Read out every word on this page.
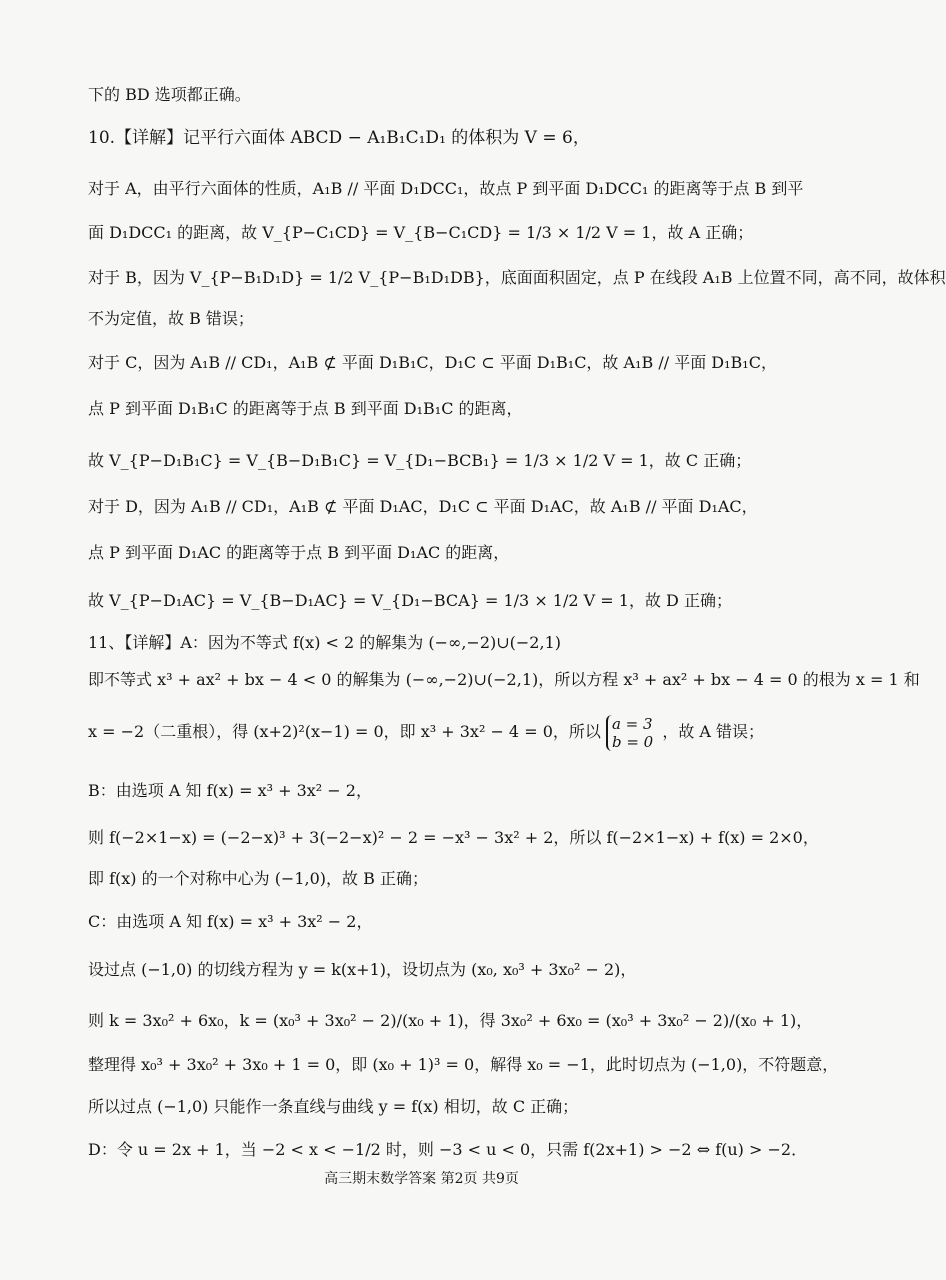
下的 BD 选项都正确。
10.【详解】记平行六面体 ABCD − A₁B₁C₁D₁ 的体积为 V = 6，
对于 A，由平行六面体的性质，A₁B // 平面 D₁DCC₁，故点 P 到平面 D₁DCC₁ 的距离等于点 B 到平
面 D₁DCC₁ 的距离，故 V_{P−C₁CD} = V_{B−C₁CD} = 1/3 × 1/2 V = 1，故 A 正确；
对于 B，因为 V_{P−B₁D₁D} = 1/2 V_{P−B₁D₁DB}，底面面积固定，点 P 在线段 A₁B 上位置不同，高不同，故体积
不为定值，故 B 错误；
对于 C，因为 A₁B // CD₁，A₁B ⊄ 平面 D₁B₁C，D₁C ⊂ 平面 D₁B₁C，故 A₁B // 平面 D₁B₁C，
点 P 到平面 D₁B₁C 的距离等于点 B 到平面 D₁B₁C 的距离，
故 V_{P−D₁B₁C} = V_{B−D₁B₁C} = V_{D₁−BCB₁} = 1/3 × 1/2 V = 1，故 C 正确；
对于 D，因为 A₁B // CD₁，A₁B ⊄ 平面 D₁AC，D₁C ⊂ 平面 D₁AC，故 A₁B // 平面 D₁AC，
点 P 到平面 D₁AC 的距离等于点 B 到平面 D₁AC 的距离，
故 V_{P−D₁AC} = V_{B−D₁AC} = V_{D₁−BCA} = 1/3 × 1/2 V = 1，故 D 正确；
11、【详解】A：因为不等式 f(x) < 2 的解集为 (−∞,−2)∪(−2,1)
即不等式 x³ + ax² + bx − 4 < 0 的解集为 (−∞,−2)∪(−2,1)，所以方程 x³ + ax² + bx − 4 = 0 的根为 x = 1 和
x = −2（二重根），得 (x+2)²(x−1) = 0，即 x³ + 3x² − 4 = 0，所以 a = 3
b = 0 ，故 A 错误；
B：由选项 A 知 f(x) = x³ + 3x² − 2，
则 f(−2×1−x) = (−2−x)³ + 3(−2−x)² − 2 = −x³ − 3x² + 2，所以 f(−2×1−x) + f(x) = 2×0，
即 f(x) 的一个对称中心为 (−1,0)，故 B 正确；
C：由选项 A 知 f(x) = x³ + 3x² − 2，
设过点 (−1,0) 的切线方程为 y = k(x+1)，设切点为 (x₀, x₀³ + 3x₀² − 2)，
则 k = 3x₀² + 6x₀，k = (x₀³ + 3x₀² − 2)/(x₀ + 1)，得 3x₀² + 6x₀ = (x₀³ + 3x₀² − 2)/(x₀ + 1)，
整理得 x₀³ + 3x₀² + 3x₀ + 1 = 0，即 (x₀ + 1)³ = 0，解得 x₀ = −1，此时切点为 (−1,0)，不符题意，
所以过点 (−1,0) 只能作一条直线与曲线 y = f(x) 相切，故 C 正确；
D：令 u = 2x + 1，当 −2 < x < −1/2 时，则 −3 < u < 0，只需 f(2x+1) > −2 ⇔ f(u) > −2．
高三期末数学答案 第2页 共9页
